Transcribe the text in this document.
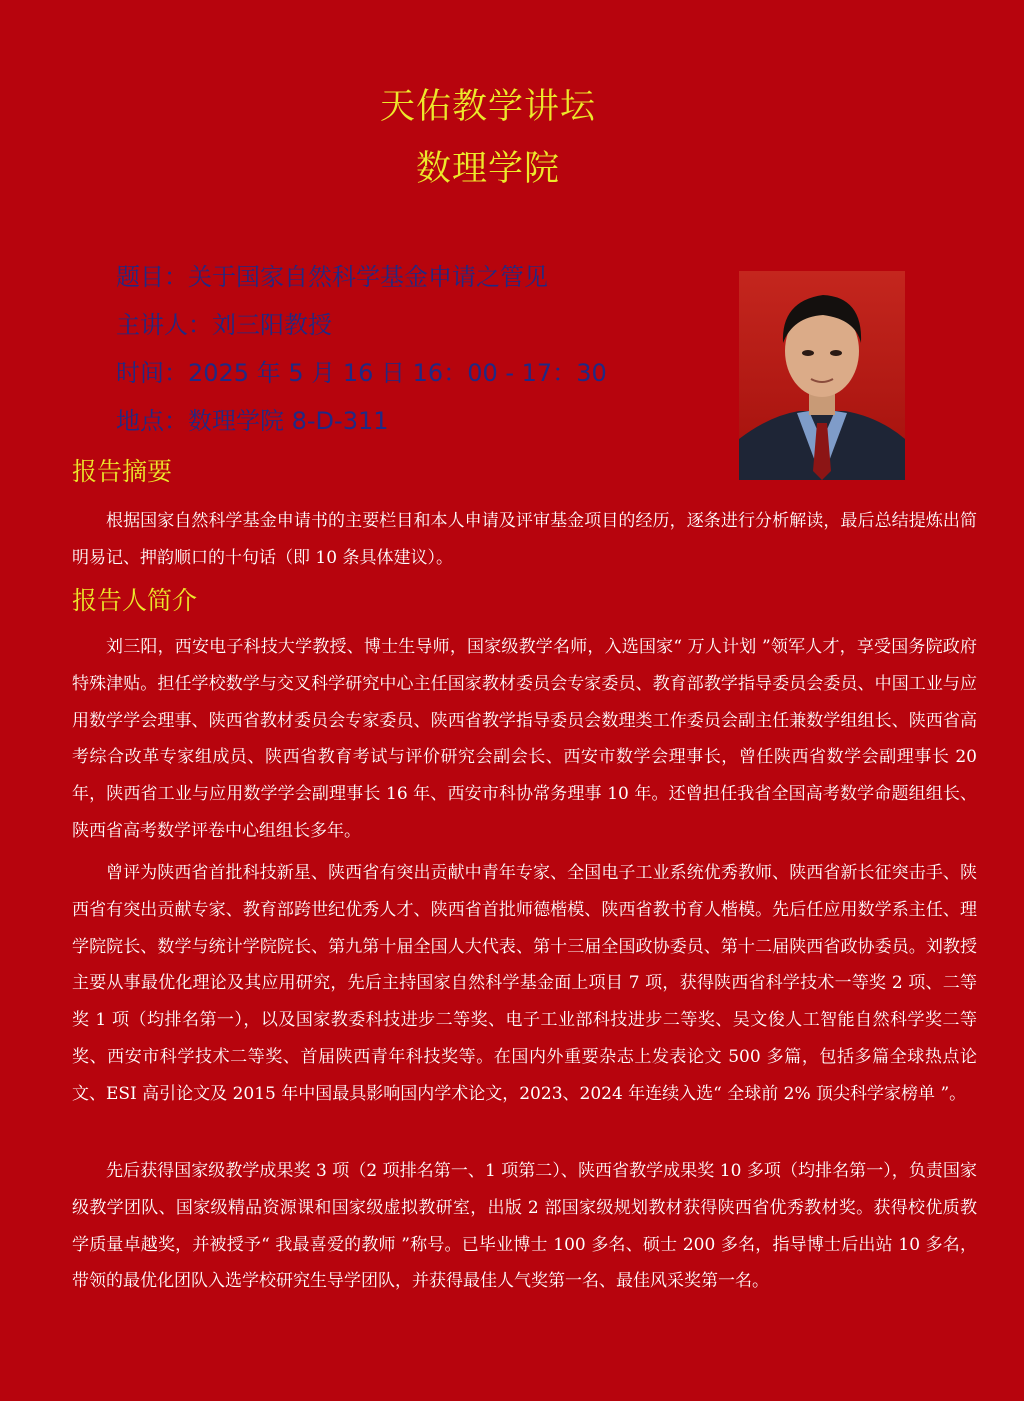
天佑教学讲坛
数理学院
题目：关于国家自然科学基金申请之管见
主讲人：刘三阳教授
时间：2025 年 5 月 16 日 16：00 - 17：30
地点：数理学院 8-D-311
报告摘要

根据国家自然科学基金申请书的主要栏目和本人申请及评审基金项目的经历，逐条进行分析解读，最后总结提炼出简明易记、押韵顺口的十句话（即 10 条具体建议）。

报告人简介

刘三阳，西安电子科技大学教授、博士生导师，国家级教学名师，入选国家“ 万人计划 ”领军人才，享受国务院政府特殊津贴。担任学校数学与交叉科学研究中心主任国家教材委员会专家委员、教育部教学指导委员会委员、中国工业与应用数学学会理事、陕西省教材委员会专家委员、陕西省教学指导委员会数理类工作委员会副主任兼数学组组长、陕西省高考综合改革专家组成员、陕西省教育考试与评价研究会副会长、西安市数学会理事长，曾任陕西省数学会副理事长 20 年，陕西省工业与应用数学学会副理事长 16 年、西安市科协常务理事 10 年。还曾担任我省全国高考数学命题组组长、陕西省高考数学评卷中心组组长多年。

曾评为陕西省首批科技新星、陕西省有突出贡献中青年专家、全国电子工业系统优秀教师、陕西省新长征突击手、陕西省有突出贡献专家、教育部跨世纪优秀人才、陕西省首批师德楷模、陕西省教书育人楷模。先后任应用数学系主任、理学院院长、数学与统计学院院长、第九第十届全国人大代表、第十三届全国政协委员、第十二届陕西省政协委员。刘教授主要从事最优化理论及其应用研究，先后主持国家自然科学基金面上项目 7 项，获得陕西省科学技术一等奖 2 项、二等奖 1 项（均排名第一），以及国家教委科技进步二等奖、电子工业部科技进步二等奖、吴文俊人工智能自然科学奖二等奖、西安市科学技术二等奖、首届陕西青年科技奖等。在国内外重要杂志上发表论文 500 多篇，包括多篇全球热点论文、ESI 高引论文及 2015 年中国最具影响国内学术论文，2023、2024 年连续入选“ 全球前 2% 顶尖科学家榜单 ”。

先后获得国家级教学成果奖 3 项（2 项排名第一、1 项第二）、陕西省教学成果奖 10 多项（均排名第一），负责国家级教学团队、国家级精品资源课和国家级虚拟教研室，出版 2 部国家级规划教材获得陕西省优秀教材奖。获得校优质教学质量卓越奖，并被授予“ 我最喜爱的教师 ”称号。已毕业博士 100 多名、硕士 200 多名，指导博士后出站 10 多名，带领的最优化团队入选学校研究生导学团队，并获得最佳人气奖第一名、最佳风采奖第一名。
